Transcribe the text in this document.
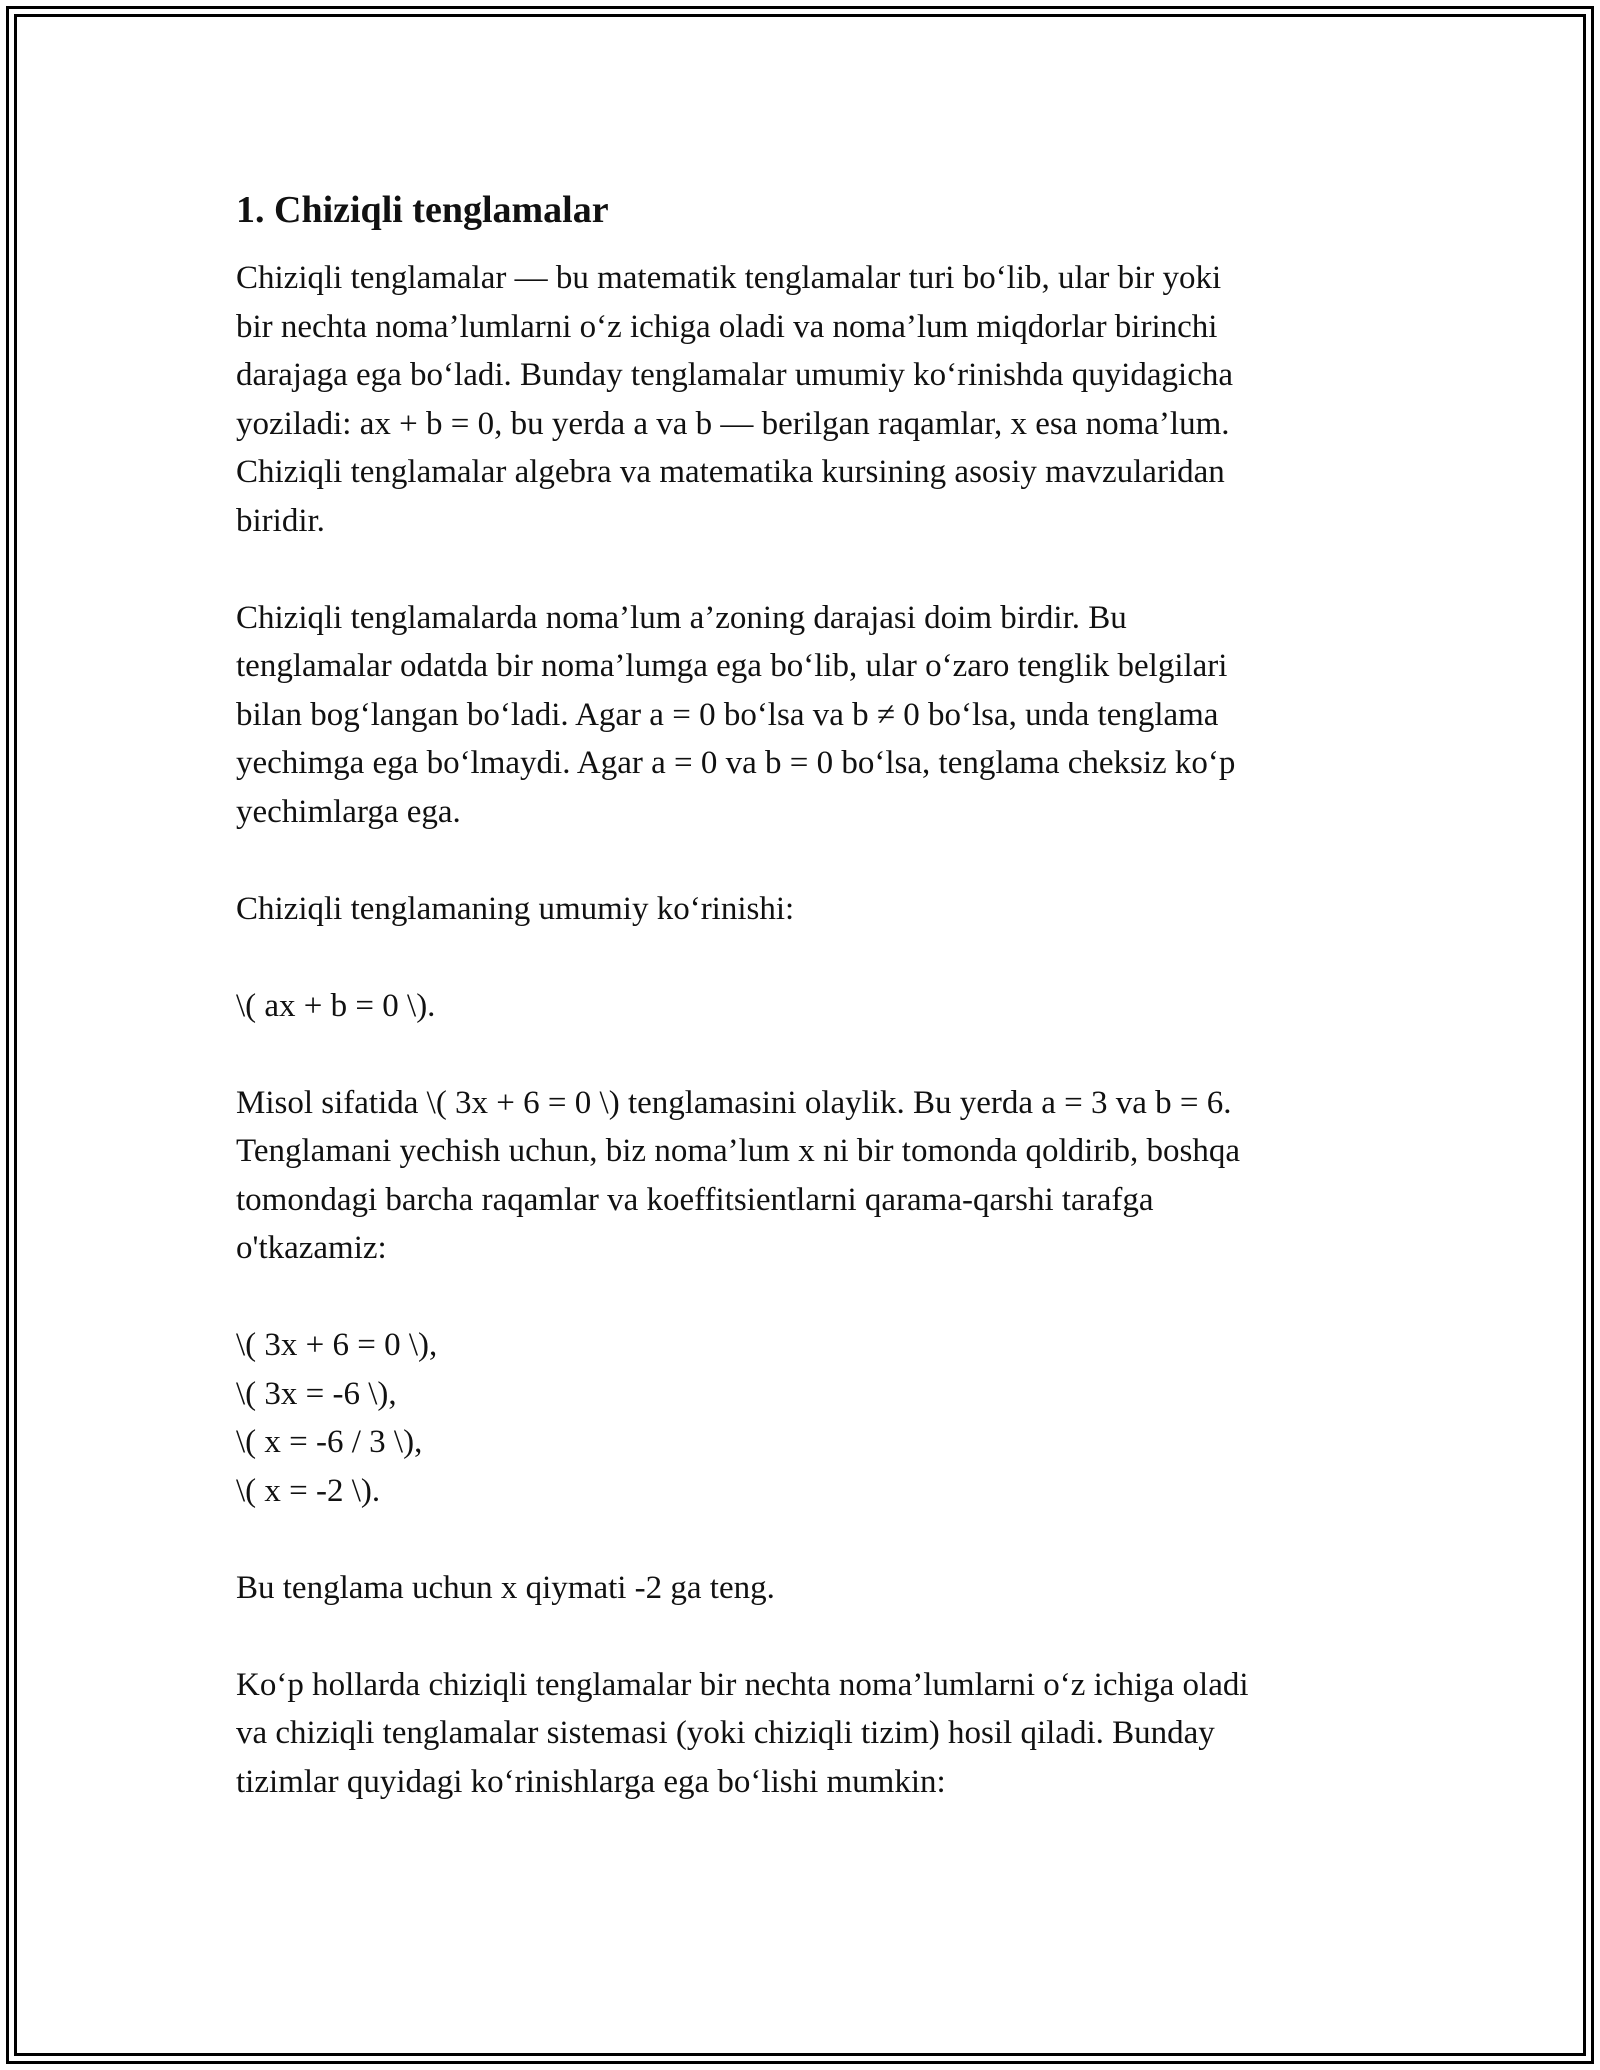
1. Chiziqli tenglamalar

Chiziqli tenglamalar — bu matematik tenglamalar turi bo‘lib, ular bir yoki
bir nechta noma’lumlarni o‘z ichiga oladi va noma’lum miqdorlar birinchi
darajaga ega bo‘ladi. Bunday tenglamalar umumiy ko‘rinishda quyidagicha
yoziladi: ax + b = 0, bu yerda a va b — berilgan raqamlar, x esa noma’lum.
Chiziqli tenglamalar algebra va matematika kursining asosiy mavzularidan
biridir.

Chiziqli tenglamalarda noma’lum a’zoning darajasi doim birdir. Bu
tenglamalar odatda bir noma’lumga ega bo‘lib, ular o‘zaro tenglik belgilari
bilan bog‘langan bo‘ladi. Agar a = 0 bo‘lsa va b ≠ 0 bo‘lsa, unda tenglama
yechimga ega bo‘lmaydi. Agar a = 0 va b = 0 bo‘lsa, tenglama cheksiz ko‘p
yechimlarga ega.

Chiziqli tenglamaning umumiy ko‘rinishi:

\( ax + b = 0 \).

Misol sifatida \( 3x + 6 = 0 \) tenglamasini olaylik. Bu yerda a = 3 va b = 6.
Tenglamani yechish uchun, biz noma’lum x ni bir tomonda qoldirib, boshqa
tomondagi barcha raqamlar va koeffitsientlarni qarama-qarshi tarafga
o'tkazamiz:

\( 3x + 6 = 0 \),
\( 3x = -6 \),
\( x = -6 / 3 \),
\( x = -2 \).

Bu tenglama uchun x qiymati -2 ga teng.

Ko‘p hollarda chiziqli tenglamalar bir nechta noma’lumlarni o‘z ichiga oladi
va chiziqli tenglamalar sistemasi (yoki chiziqli tizim) hosil qiladi. Bunday
tizimlar quyidagi ko‘rinishlarga ega bo‘lishi mumkin:
